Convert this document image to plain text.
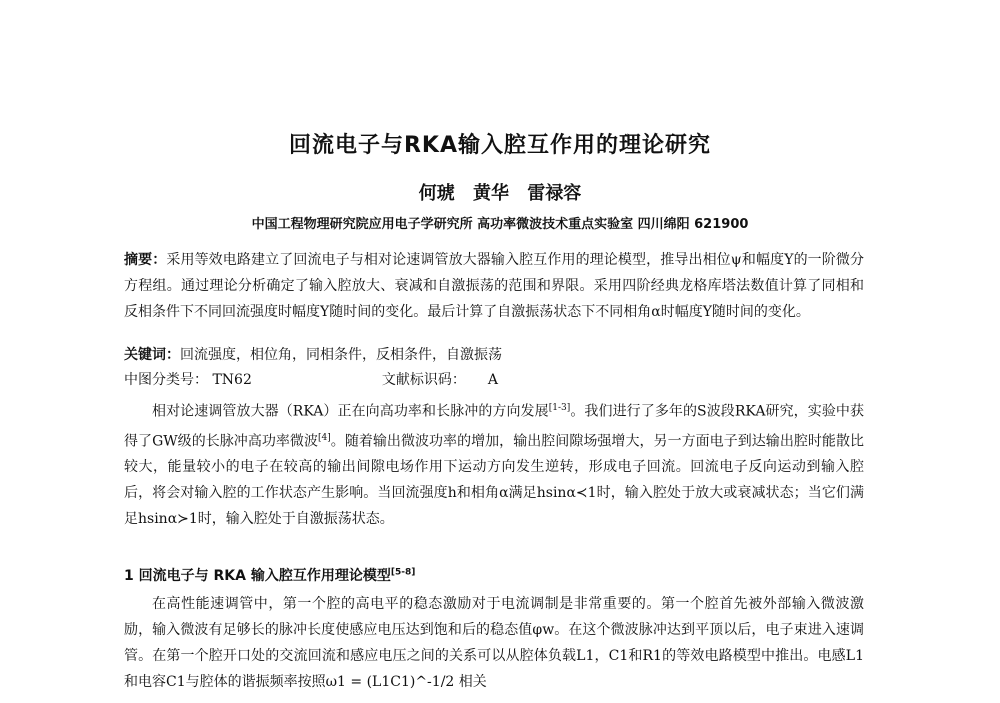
回流电子与RKA输入腔互作用的理论研究
何琥 黄华 雷禄容
中国工程物理研究院应用电子学研究所 高功率微波技术重点实验室 四川绵阳 621900
摘要：采用等效电路建立了回流电子与相对论速调管放大器输入腔互作用的理论模型，推导出相位ψ和幅度Y的一阶微分方程组。通过理论分析确定了输入腔放大、衰减和自激振荡的范围和界限。采用四阶经典龙格库塔法数值计算了同相和反相条件下不同回流强度时幅度Y随时间的变化。最后计算了自激振荡状态下不同相角α时幅度Y随时间的变化。
关键词：回流强度，相位角，同相条件，反相条件，自激振荡
中图分类号： TN62	文献标识码： A
相对论速调管放大器（RKA）正在向高功率和长脉冲的方向发展[1-3]。我们进行了多年的S波段RKA研究，实验中获得了GW级的长脉冲高功率微波[4]。随着输出微波功率的增加，输出腔间隙场强增大，另一方面电子到达输出腔时能散比较大，能量较小的电子在较高的输出间隙电场作用下运动方向发生逆转，形成电子回流。回流电子反向运动到输入腔后，将会对输入腔的工作状态产生影响。当回流强度h和相角α满足hsinα≺1时，输入腔处于放大或衰减状态；当它们满足hsinα≻1时，输入腔处于自激振荡状态。
1 回流电子与 RKA 输入腔互作用理论模型[5-8]
在高性能速调管中，第一个腔的高电平的稳态激励对于电流调制是非常重要的。第一个腔首先被外部输入微波激励，输入微波有足够长的脉冲长度使感应电压达到饱和后的稳态值φw。在这个微波脉冲达到平顶以后，电子束进入速调管。在第一个腔开口处的交流回流和感应电压之间的关系可以从腔体负载L1，C1和R1的等效电路模型中推出。电感L1和电容C1与腔体的谐振频率按照ω1 = (L1C1)^-1/2 相关
